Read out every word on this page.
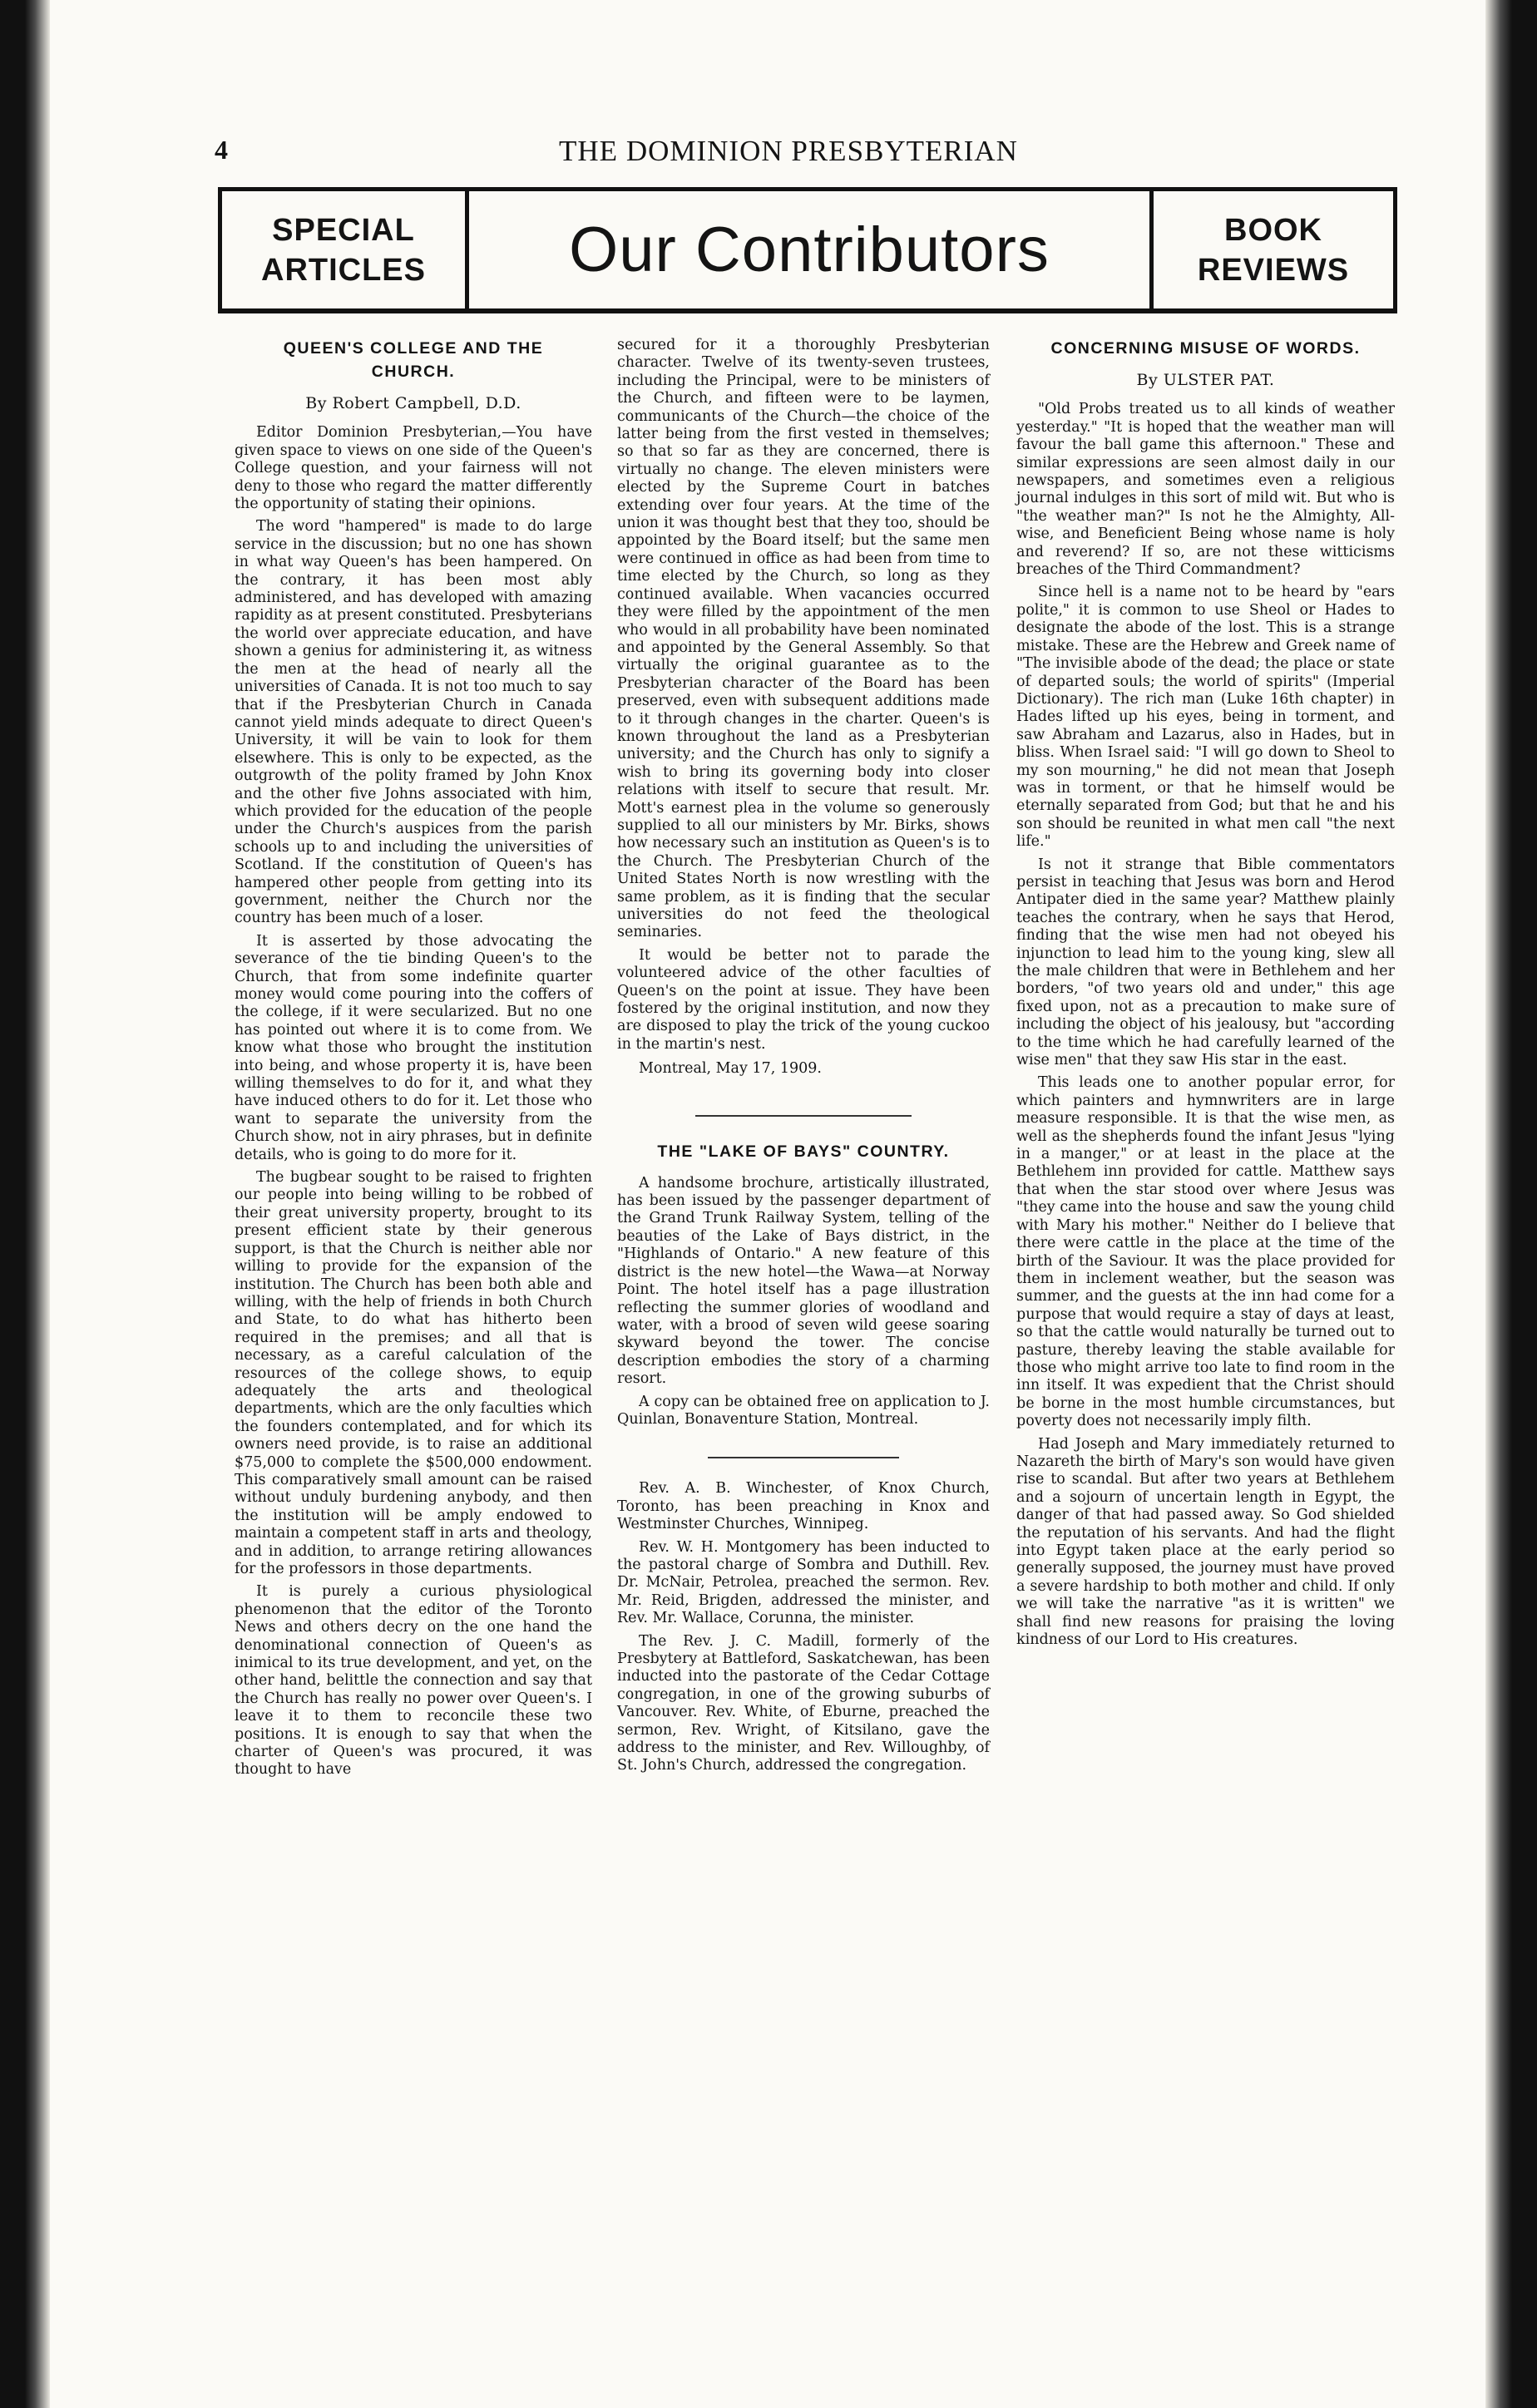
THE DOMINION PRESBYTERIAN
4
SPECIAL
ARTICLES	Our Contributors	BOOK
REVIEWS
QUEEN'S COLLEGE AND THE
CHURCH.
By Robert Campbell, D.D.

Editor Dominion Presbyterian,—You have given space to views on one side of the Queen's College question, and your fairness will not deny to those who regard the matter differently the opportunity of stating their opinions.

The word "hampered" is made to do large service in the discussion; but no one has shown in what way Queen's has been hampered. On the contrary, it has been most ably administered, and has developed with amazing rapidity as at present constituted. Presbyterians the world over appreciate education, and have shown a genius for administering it, as witness the men at the head of nearly all the universities of Canada. It is not too much to say that if the Presbyterian Church in Canada cannot yield minds adequate to direct Queen's University, it will be vain to look for them elsewhere. This is only to be expected, as the outgrowth of the polity framed by John Knox and the other five Johns associated with him, which provided for the education of the people under the Church's auspices from the parish schools up to and including the universities of Scotland. If the constitution of Queen's has hampered other people from getting into its government, neither the Church nor the country has been much of a loser.

It is asserted by those advocating the severance of the tie binding Queen's to the Church, that from some indefinite quarter money would come pouring into the coffers of the college, if it were secularized. But no one has pointed out where it is to come from. We know what those who brought the institution into being, and whose property it is, have been willing themselves to do for it, and what they have induced others to do for it. Let those who want to separate the university from the Church show, not in airy phrases, but in definite details, who is going to do more for it.

The bugbear sought to be raised to frighten our people into being willing to be robbed of their great university property, brought to its present efficient state by their generous support, is that the Church is neither able nor willing to provide for the expansion of the institution. The Church has been both able and willing, with the help of friends in both Church and State, to do what has hitherto been required in the premises; and all that is necessary, as a careful calculation of the resources of the college shows, to equip adequately the arts and theological departments, which are the only faculties which the founders contemplated, and for which its owners need provide, is to raise an additional $75,000 to complete the $500,000 endowment. This comparatively small amount can be raised without unduly burdening anybody, and then the institution will be amply endowed to maintain a competent staff in arts and theology, and in addition, to arrange retiring allowances for the professors in those departments.

It is purely a curious physiological phenomenon that the editor of the Toronto News and others decry on the one hand the denominational connection of Queen's as inimical to its true development, and yet, on the other hand, belittle the connection and say that the Church has really no power over Queen's. I leave it to them to reconcile these two positions. It is enough to say that when the charter of Queen's was procured, it was thought to have

secured for it a thoroughly Presbyterian character. Twelve of its twenty-seven trustees, including the Principal, were to be ministers of the Church, and fifteen were to be laymen, communicants of the Church—the choice of the latter being from the first vested in themselves; so that so far as they are concerned, there is virtually no change. The eleven ministers were elected by the Supreme Court in batches extending over four years. At the time of the union it was thought best that they too, should be appointed by the Board itself; but the same men were continued in office as had been from time to time elected by the Church, so long as they continued available. When vacancies occurred they were filled by the appointment of the men who would in all probability have been nominated and appointed by the General Assembly. So that virtually the original guarantee as to the Presbyterian character of the Board has been preserved, even with subsequent additions made to it through changes in the charter. Queen's is known throughout the land as a Presbyterian university; and the Church has only to signify a wish to bring its governing body into closer relations with itself to secure that result. Mr. Mott's earnest plea in the volume so generously supplied to all our ministers by Mr. Birks, shows how necessary such an institution as Queen's is to the Church. The Presbyterian Church of the United States North is now wrestling with the same problem, as it is finding that the secular universities do not feed the theological seminaries.

It would be better not to parade the volunteered advice of the other faculties of Queen's on the point at issue. They have been fostered by the original institution, and now they are disposed to play the trick of the young cuckoo in the martin's nest.

Montreal, May 17, 1909.
THE "LAKE OF BAYS" COUNTRY.

A handsome brochure, artistically illustrated, has been issued by the passenger department of the Grand Trunk Railway System, telling of the beauties of the Lake of Bays district, in the "Highlands of Ontario." A new feature of this district is the new hotel—the Wawa—at Norway Point. The hotel itself has a page illustration reflecting the summer glories of woodland and water, with a brood of seven wild geese soaring skyward beyond the tower. The concise description embodies the story of a charming resort.

A copy can be obtained free on application to J. Quinlan, Bonaventure Station, Montreal.

Rev. A. B. Winchester, of Knox Church, Toronto, has been preaching in Knox and Westminster Churches, Winnipeg.

Rev. W. H. Montgomery has been inducted to the pastoral charge of Sombra and Duthill. Rev. Dr. McNair, Petrolea, preached the sermon. Rev. Mr. Reid, Brigden, addressed the minister, and Rev. Mr. Wallace, Corunna, the minister.

The Rev. J. C. Madill, formerly of the Presbytery at Battleford, Saskatchewan, has been inducted into the pastorate of the Cedar Cottage congregation, in one of the growing suburbs of Vancouver. Rev. White, of Eburne, preached the sermon, Rev. Wright, of Kitsilano, gave the address to the minister, and Rev. Willoughby, of St. John's Church, addressed the congregation.

CONCERNING MISUSE OF WORDS.
By ULSTER PAT.

"Old Probs treated us to all kinds of weather yesterday." "It is hoped that the weather man will favour the ball game this afternoon." These and similar expressions are seen almost daily in our newspapers, and sometimes even a religious journal indulges in this sort of mild wit. But who is "the weather man?" Is not he the Almighty, All-wise, and Beneficient Being whose name is holy and reverend? If so, are not these witticisms breaches of the Third Commandment?

Since hell is a name not to be heard by "ears polite," it is common to use Sheol or Hades to designate the abode of the lost. This is a strange mistake. These are the Hebrew and Greek name of "The invisible abode of the dead; the place or state of departed souls; the world of spirits" (Imperial Dictionary). The rich man (Luke 16th chapter) in Hades lifted up his eyes, being in torment, and saw Abraham and Lazarus, also in Hades, but in bliss. When Israel said: "I will go down to Sheol to my son mourning," he did not mean that Joseph was in torment, or that he himself would be eternally separated from God; but that he and his son should be reunited in what men call "the next life."

Is not it strange that Bible commentators persist in teaching that Jesus was born and Herod Antipater died in the same year? Matthew plainly teaches the contrary, when he says that Herod, finding that the wise men had not obeyed his injunction to lead him to the young king, slew all the male children that were in Bethlehem and her borders, "of two years old and under," this age fixed upon, not as a precaution to make sure of including the object of his jealousy, but "according to the time which he had carefully learned of the wise men" that they saw His star in the east.

This leads one to another popular error, for which painters and hymnwriters are in large measure responsible. It is that the wise men, as well as the shepherds found the infant Jesus "lying in a manger," or at least in the place at the Bethlehem inn provided for cattle. Matthew says that when the star stood over where Jesus was "they came into the house and saw the young child with Mary his mother." Neither do I believe that there were cattle in the place at the time of the birth of the Saviour. It was the place provided for them in inclement weather, but the season was summer, and the guests at the inn had come for a purpose that would require a stay of days at least, so that the cattle would naturally be turned out to pasture, thereby leaving the stable available for those who might arrive too late to find room in the inn itself. It was expedient that the Christ should be borne in the most humble circumstances, but poverty does not necessarily imply filth.

Had Joseph and Mary immediately returned to Nazareth the birth of Mary's son would have given rise to scandal. But after two years at Bethlehem and a sojourn of uncertain length in Egypt, the danger of that had passed away. So God shielded the reputation of his servants. And had the flight into Egypt taken place at the early period so generally supposed, the journey must have proved a severe hardship to both mother and child. If only we will take the narrative "as it is written" we shall find new reasons for praising the loving kindness of our Lord to His creatures.
